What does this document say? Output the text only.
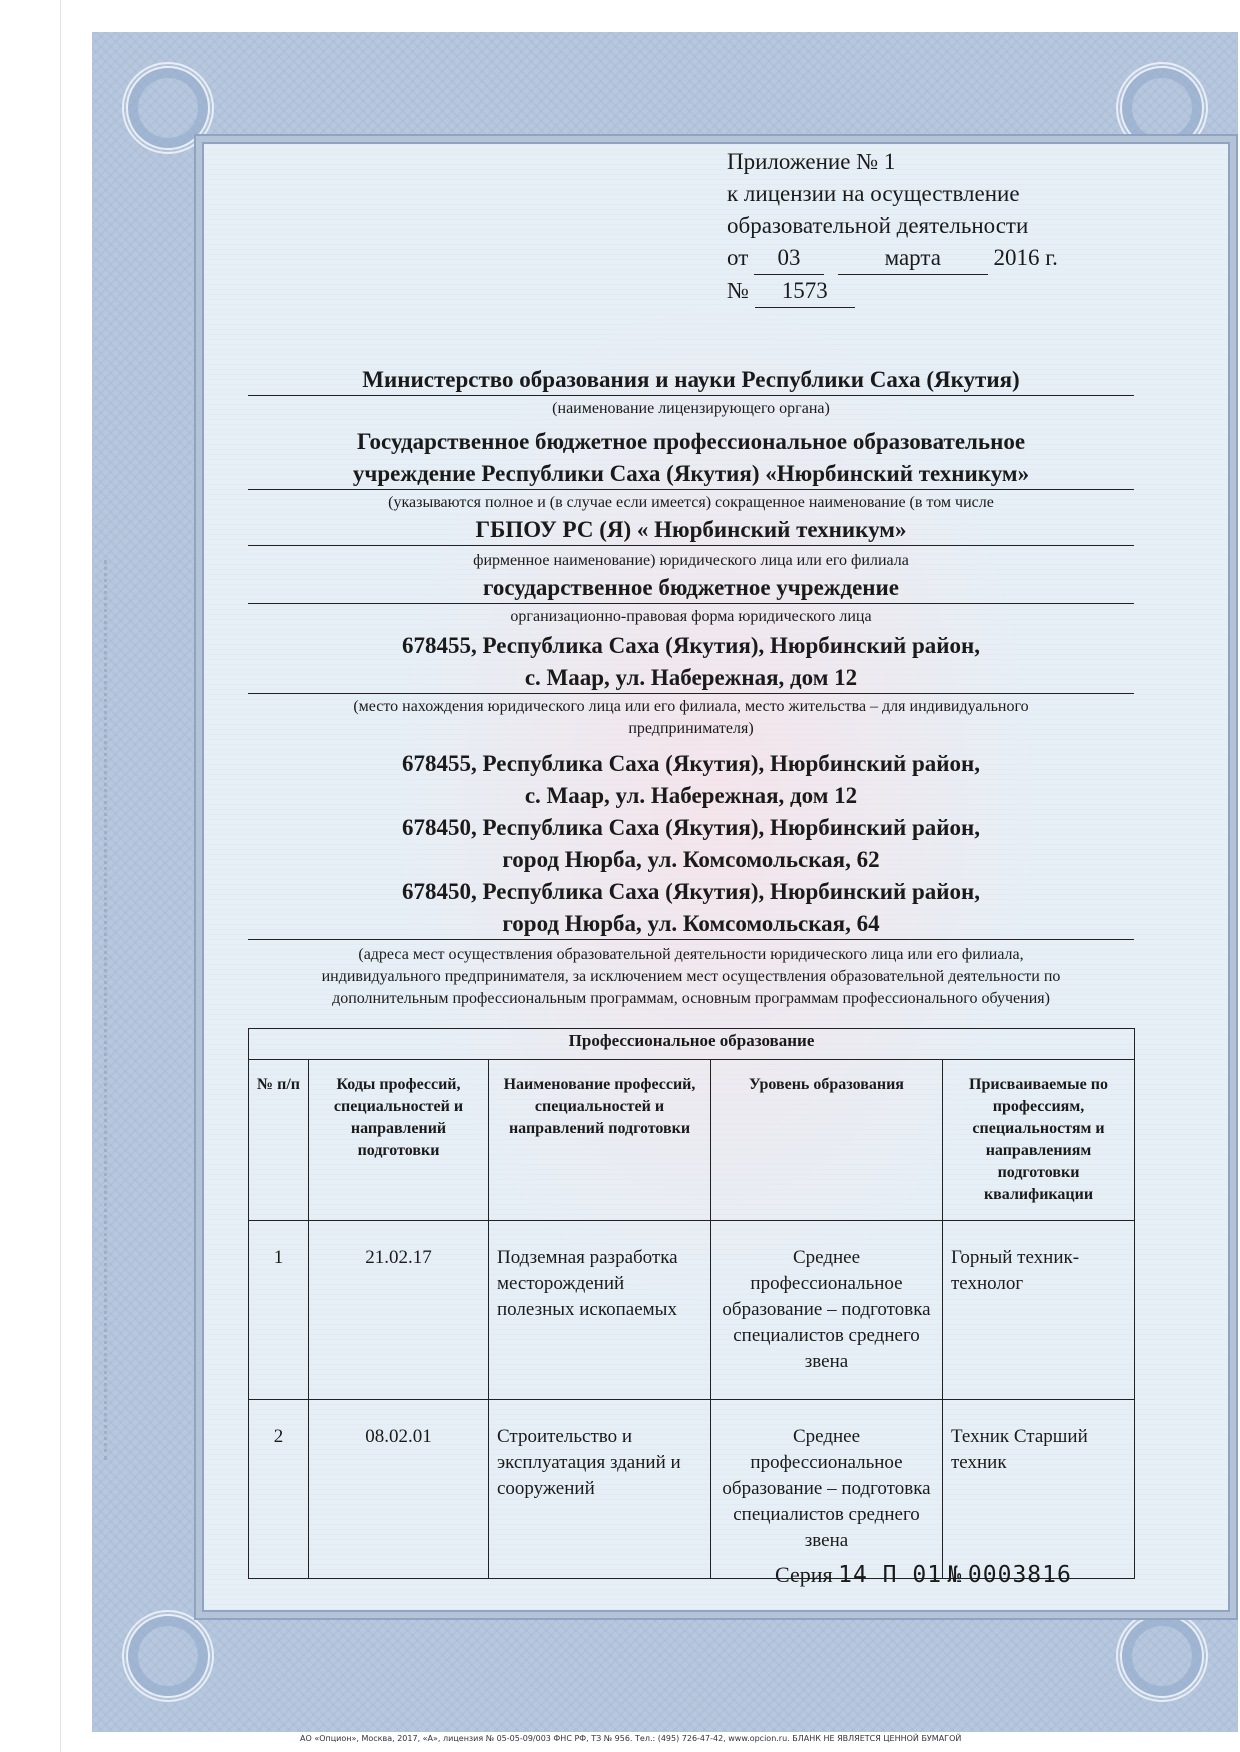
Приложение № 1
к лицензии на осуществление
образовательной деятельности
от 03	марта 2016 г.
№ 1573
Министерство образования и науки Республики Саха (Якутия)
(наименование лицензирующего органа)
Государственное бюджетное профессиональное образовательное
учреждение Республики Саха (Якутия) «Нюрбинский техникум»
(указываются полное и (в случае если имеется) сокращенное наименование (в том числе
ГБПОУ РС (Я) « Нюрбинский техникум»
фирменное наименование) юридического лица или его филиала
государственное бюджетное учреждение
организационно-правовая форма юридического лица
678455, Республика Саха (Якутия), Нюрбинский район,
с. Маар, ул. Набережная, дом 12
(место нахождения юридического лица или его филиала, место жительства – для индивидуального
предпринимателя)
678455, Республика Саха (Якутия), Нюрбинский район,
с. Маар, ул. Набережная, дом 12
678450, Республика Саха (Якутия), Нюрбинский район,
город Нюрба, ул. Комсомольская, 62
678450, Республика Саха (Якутия), Нюрбинский район,
город Нюрба, ул. Комсомольская, 64
(адреса мест осуществления образовательной деятельности юридического лица или его филиала,
индивидуального предпринимателя, за исключением мест осуществления образовательной деятельности по
дополнительным профессиональным программам, основным программам профессионального обучения)
Профессиональное образование				
№ п/п	Коды профессий, специальностей и направлений подготовки	Наименование профессий, специальностей и направлений подготовки	Уровень образования	Присваиваемые по профессиям, специальностям и направлениям подготовки квалификации
1	21.02.17	Подземная разработка месторождений полезных ископаемых	Среднее профессиональное образование – подготовка специалистов среднего звена	Горный техник-технолог
2	08.02.01	Строительство и эксплуатация зданий и сооружений	Среднее профессиональное образование – подготовка специалистов среднего звена	Техник Старший техник
Серия 14 П 01 № 0003816
АО «Опцион», Москва, 2017, «А», лицензия № 05-05-09/003 ФНС РФ, ТЗ № 956. Тел.: (495) 726-47-42, www.opcion.ru. БЛАНК НЕ ЯВЛЯЕТСЯ ЦЕННОЙ БУМАГОЙ
